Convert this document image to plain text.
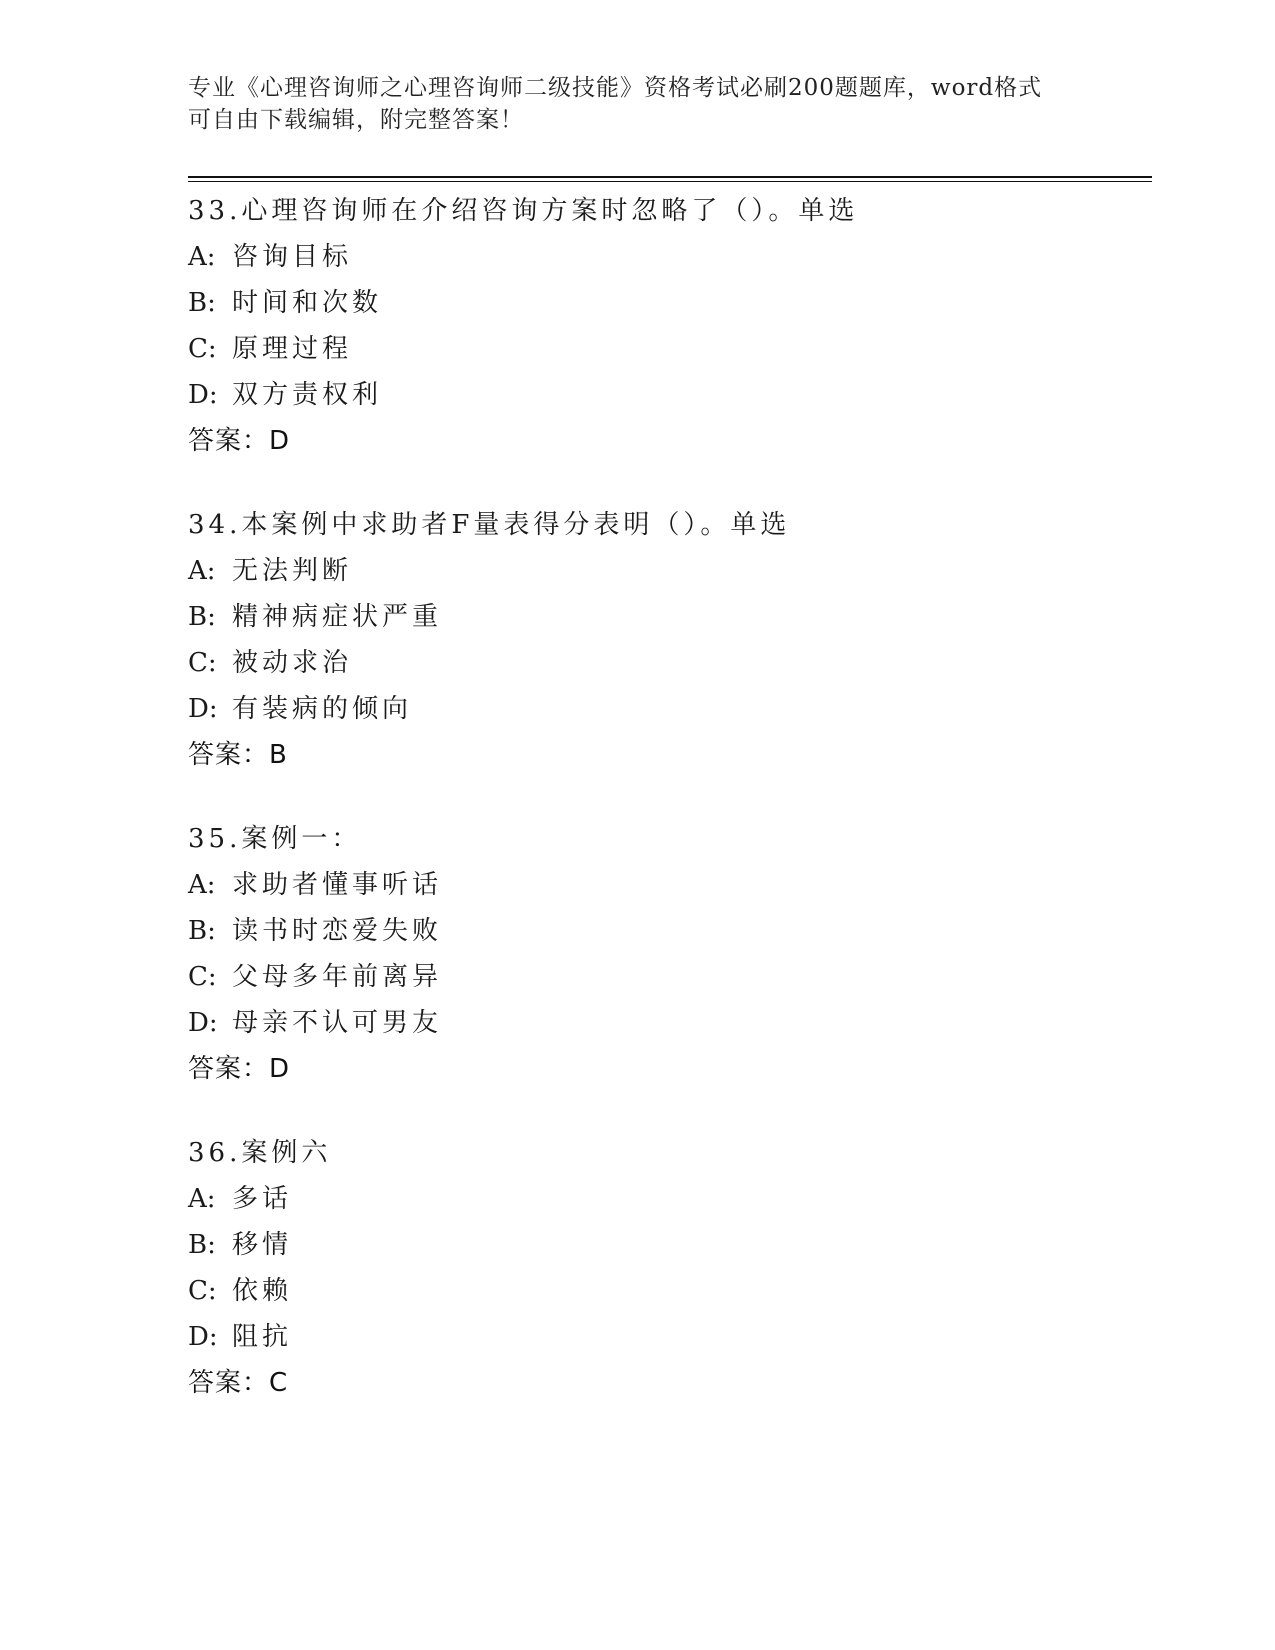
专业《心理咨询师之心理咨询师二级技能》资格考试必刷200题题库，word格式
可自由下载编辑，附完整答案！
33.心理咨询师在介绍咨询方案时忽略了（）。单选
A: 咨询目标
B: 时间和次数
C: 原理过程
D: 双方责权利
答案：D
34.本案例中求助者F量表得分表明（）。单选
A: 无法判断
B: 精神病症状严重
C: 被动求治
D: 有装病的倾向
答案：B
35.案例一：
A: 求助者懂事听话
B: 读书时恋爱失败
C: 父母多年前离异
D: 母亲不认可男友
答案：D
36.案例六
A: 多话
B: 移情
C: 依赖
D: 阻抗
答案：C
